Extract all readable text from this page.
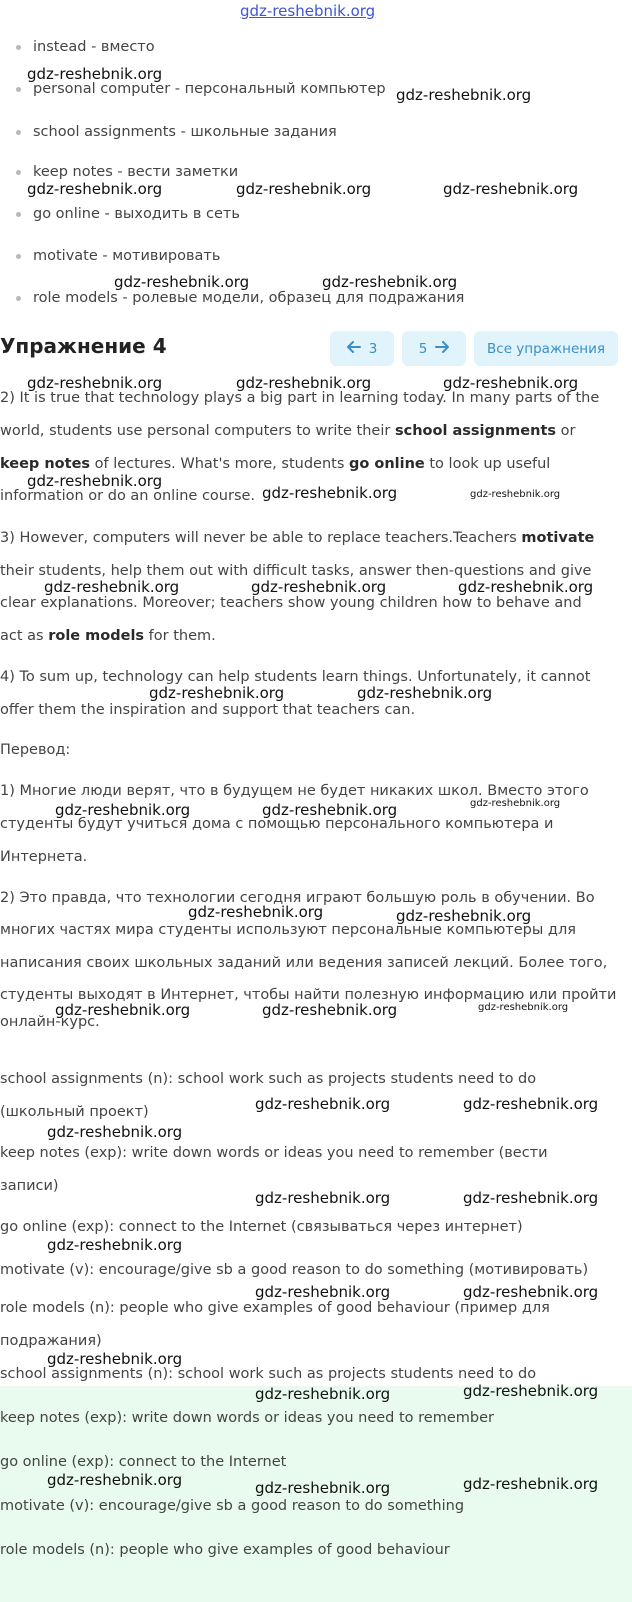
gdz-reshebnik.org
instead - вместо
personal computer - персональный компьютер
school assignments - школьные задания
keep notes - вести заметки
go online - выходить в сеть
motivate - мотивировать
role models - ролевые модели, образец для подражания
Упражнение 4	3	5	Все упражнения
2) It is true that technology plays a big part in learning today. In many parts of the
world, students use personal computers to write their school assignments or
keep notes of lectures. What's more, students go online to look up useful
information or do an online course.
3) However, computers will never be able to replace teachers.Teachers motivate
their students, help them out with difficult tasks, answer then-questions and give
clear explanations. Moreover; teachers show young children how to behave and
act as role models for them.
4) To sum up, technology can help students learn things. Unfortunately, it cannot
offer them the inspiration and support that teachers can.
Перевод:
1) Многие люди верят, что в будущем не будет никаких школ. Вместо этого
студенты будут учиться дома с помощью персонального компьютера и
Интернета.
2) Это правда, что технологии сегодня играют большую роль в обучении. Во
многих частях мира студенты используют персональные компьютеры для
написания своих школьных заданий или ведения записей лекций. Более того,
студенты выходят в Интернет, чтобы найти полезную информацию или пройти
онлайн-курс.
school assignments (n): school work such as projects students need to do
(школьный проект)
keep notes (exp): write down words or ideas you need to remember (вести
записи)
go online (exp): connect to the Internet (связываться через интернет)
motivate (v): encourage/give sb a good reason to do something (мотивировать)
role models (n): people who give examples of good behaviour (пример для
подражания)
school assignments (n): school work such as projects students need to do
keep notes (exp): write down words or ideas you need to remember
go online (exp): connect to the Internet
motivate (v): encourage/give sb a good reason to do something
role models (n): people who give examples of good behaviour
gdz-reshebnik.org
gdz-reshebnik.org
gdz-reshebnik.org	gdz-reshebnik.org	gdz-reshebnik.org
gdz-reshebnik.org	gdz-reshebnik.org
gdz-reshebnik.org	gdz-reshebnik.org	gdz-reshebnik.org
gdz-reshebnik.org
gdz-reshebnik.org	gdz-reshebnik.org
gdz-reshebnik.org	gdz-reshebnik.org	gdz-reshebnik.org
gdz-reshebnik.org	gdz-reshebnik.org
gdz-reshebnik.org	gdz-reshebnik.org	gdz-reshebnik.org
gdz-reshebnik.org	gdz-reshebnik.org
gdz-reshebnik.org	gdz-reshebnik.org	gdz-reshebnik.org
gdz-reshebnik.org	gdz-reshebnik.org
gdz-reshebnik.org
gdz-reshebnik.org	gdz-reshebnik.org
gdz-reshebnik.org
gdz-reshebnik.org	gdz-reshebnik.org
gdz-reshebnik.org
gdz-reshebnik.org	gdz-reshebnik.org
gdz-reshebnik.org	gdz-reshebnik.org	gdz-reshebnik.org
